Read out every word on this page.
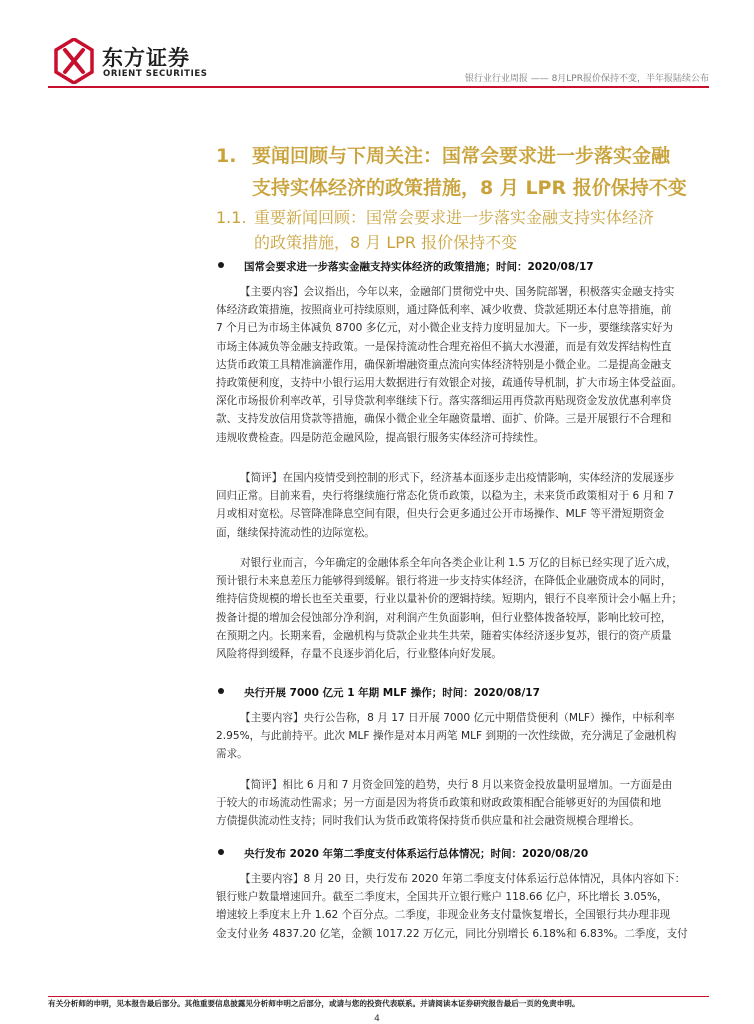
东方证券
ORIENT SECURITIES	银行业行业周报 —— 8月LPR报价保持不变，半年报陆续公布
1. 要闻回顾与下周关注：国常会要求进一步落实金融
支持实体经济的政策措施，8 月 LPR 报价保持不变
1.1. 重要新闻回顾：国常会要求进一步落实金融支持实体经济
的政策措施，8 月 LPR 报价保持不变
国常会要求进一步落实金融支持实体经济的政策措施；时间：2020/08/17
【主要内容】会议指出，今年以来，金融部门贯彻党中央、国务院部署，积极落实金融支持实
体经济政策措施，按照商业可持续原则，通过降低利率、减少收费、贷款延期还本付息等措施，前
7 个月已为市场主体减负 8700 多亿元，对小微企业支持力度明显加大。下一步，要继续落实好为
市场主体减负等金融支持政策。一是保持流动性合理充裕但不搞大水漫灌，而是有效发挥结构性直
达货币政策工具精准滴灌作用，确保新增融资重点流向实体经济特别是小微企业。二是提高金融支
持政策便利度，支持中小银行运用大数据进行有效银企对接，疏通传导机制，扩大市场主体受益面。
深化市场报价利率改革，引导贷款利率继续下行。落实落细运用再贷款再贴现资金发放优惠利率贷
款、支持发放信用贷款等措施，确保小微企业全年融资量增、面扩、价降。三是开展银行不合理和
违规收费检查。四是防范金融风险，提高银行服务实体经济可持续性。
【简评】在国内疫情受到控制的形式下，经济基本面逐步走出疫情影响，实体经济的发展逐步
回归正常。目前来看，央行将继续施行常态化货币政策，以稳为主，未来货币政策相对于 6 月和 7
月或相对宽松。尽管降准降息空间有限，但央行会更多通过公开市场操作、MLF 等平滑短期资金
面，继续保持流动性的边际宽松。
对银行业而言，今年确定的金融体系全年向各类企业让利 1.5 万亿的目标已经实现了近六成，
预计银行未来息差压力能够得到缓解。银行将进一步支持实体经济，在降低企业融资成本的同时，
维持信贷规模的增长也至关重要，行业以量补价的逻辑持续。短期内，银行不良率预计会小幅上升；
拨备计提的增加会侵蚀部分净利润，对利润产生负面影响，但行业整体拨备较厚，影响比较可控，
在预期之内。长期来看，金融机构与贷款企业共生共荣，随着实体经济逐步复苏，银行的资产质量
风险将得到缓释，存量不良逐步消化后，行业整体向好发展。
央行开展 7000 亿元 1 年期 MLF 操作；时间：2020/08/17
【主要内容】央行公告称，8 月 17 日开展 7000 亿元中期借贷便利（MLF）操作，中标利率
2.95%，与此前持平。此次 MLF 操作是对本月两笔 MLF 到期的一次性续做，充分满足了金融机构
需求。
【简评】相比 6 月和 7 月资金回笼的趋势，央行 8 月以来资金投放量明显增加。一方面是由
于较大的市场流动性需求；另一方面是因为将货币政策和财政政策相配合能够更好的为国债和地
方债提供流动性支持；同时我们认为货币政策将保持货币供应量和社会融资规模合理增长。
央行发布 2020 年第二季度支付体系运行总体情况；时间：2020/08/20
【主要内容】8 月 20 日，央行发布 2020 年第二季度支付体系运行总体情况，具体内容如下：
银行账户数量增速回升。截至二季度末，全国共开立银行账户 118.66 亿户，环比增长 3.05%，
增速较上季度末上升 1.62 个百分点。二季度，非现金业务支付量恢复增长，全国银行共办理非现
金支付业务 4837.20 亿笔，金额 1017.22 万亿元，同比分别增长 6.18%和 6.83%。二季度，支付
有关分析师的申明，见本报告最后部分。其他重要信息披露见分析师申明之后部分，或请与您的投资代表联系。并请阅读本证券研究报告最后一页的免责申明。
4
